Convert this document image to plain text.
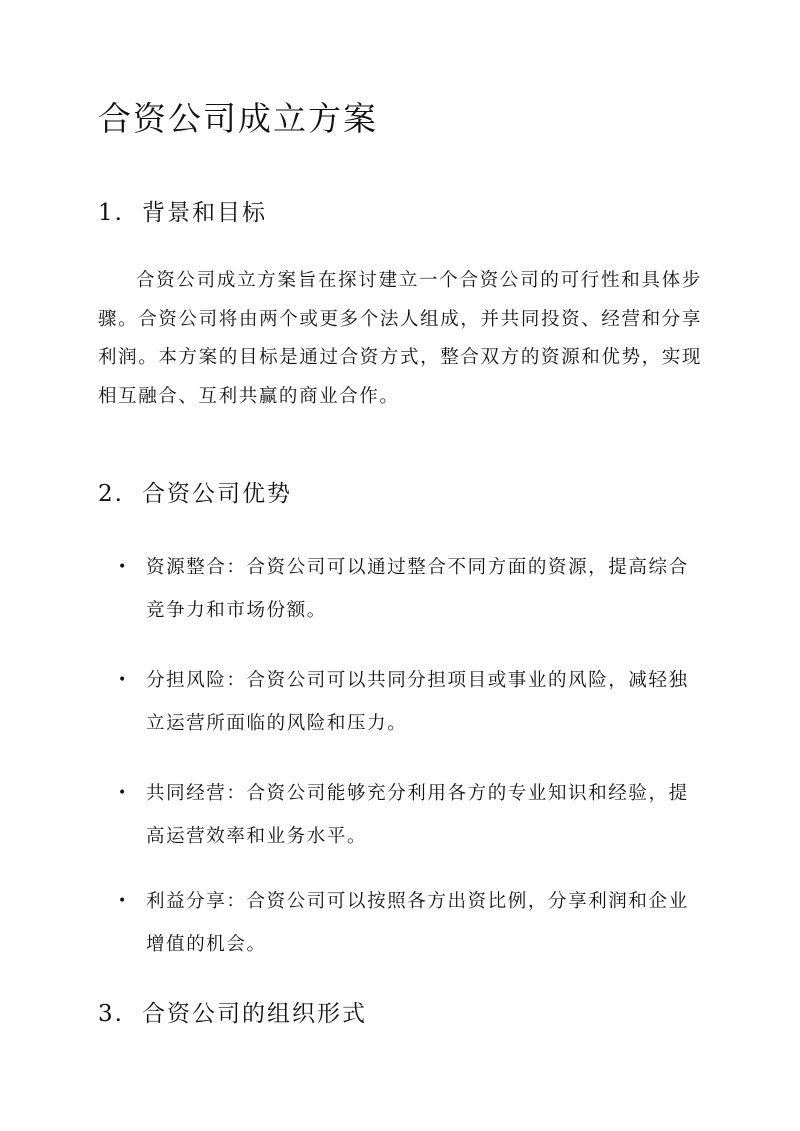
合资公司成立方案
1. 背景和目标

合资公司成立方案旨在探讨建立一个合资公司的可行性和具体步骤。合资公司将由两个或更多个法人组成，并共同投资、经营和分享利润。本方案的目标是通过合资方式，整合双方的资源和优势，实现相互融合、互利共赢的商业合作。

2. 合资公司优势
• 资源整合：合资公司可以通过整合不同方面的资源，提高综合竞争力和市场份额。
• 分担风险：合资公司可以共同分担项目或事业的风险，减轻独立运营所面临的风险和压力。
• 共同经营：合资公司能够充分利用各方的专业知识和经验，提高运营效率和业务水平。
• 利益分享：合资公司可以按照各方出资比例，分享利润和企业增值的机会。
3. 合资公司的组织形式
